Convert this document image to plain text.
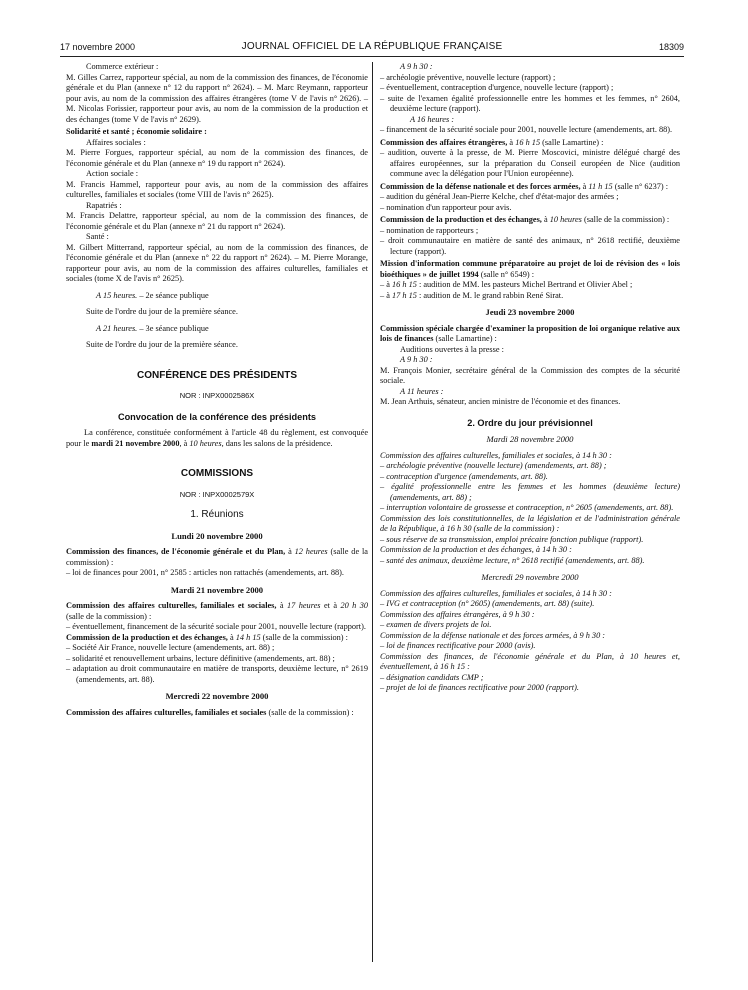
17 novembre 2000	JOURNAL OFFICIEL DE LA RÉPUBLIQUE FRANÇAISE	18309

Commerce extérieur :

M. Gilles Carrez, rapporteur spécial, au nom de la commission des finances, de l'économie générale et du Plan (annexe n° 12 du rapport n° 2624). – M. Marc Reymann, rapporteur pour avis, au nom de la commission des affaires étrangères (tome V de l'avis n° 2626). – M. Nicolas Forissier, rapporteur pour avis, au nom de la commission de la production et des échanges (tome V de l'avis n° 2629).

Solidarité et santé ; économie solidaire :

Affaires sociales :

M. Pierre Forgues, rapporteur spécial, au nom de la commission des finances, de l'économie générale et du Plan (annexe n° 19 du rapport n° 2624).

Action sociale :

M. Francis Hammel, rapporteur pour avis, au nom de la commission des affaires culturelles, familiales et sociales (tome VIII de l'avis n° 2625).

Rapatriés :

M. Francis Delattre, rapporteur spécial, au nom de la commission des finances, de l'économie générale et du Plan (annexe n° 21 du rapport n° 2624).

Santé :

M. Gilbert Mitterrand, rapporteur spécial, au nom de la commission des finances, de l'économie générale et du Plan (annexe n° 22 du rapport n° 2624). – M. Pierre Morange, rapporteur pour avis, au nom de la commission des affaires culturelles, familiales et sociales (tome X de l'avis n° 2625).

A 15 heures. – 2e séance publique

Suite de l'ordre du jour de la première séance.

A 21 heures. – 3e séance publique

Suite de l'ordre du jour de la première séance.

CONFÉRENCE DES PRÉSIDENTS

NOR : INPX0002586X

Convocation de la conférence des présidents

La conférence, constituée conformément à l'article 48 du règlement, est convoquée pour le mardi 21 novembre 2000, à 10 heures, dans les salons de la présidence.

COMMISSIONS

NOR : INPX0002579X

1. Réunions

Lundi 20 novembre 2000

Commission des finances, de l'économie générale et du Plan, à 12 heures (salle de la commission) :

– loi de finances pour 2001, n° 2585 : articles non rattachés (amendements, art. 88).

Mardi 21 novembre 2000

Commission des affaires culturelles, familiales et sociales, à 17 heures et à 20 h 30 (salle de la commission) :

– éventuellement, financement de la sécurité sociale pour 2001, nouvelle lecture (rapport).

Commission de la production et des échanges, à 14 h 15 (salle de la commission) :

– Société Air France, nouvelle lecture (amendements, art. 88) ;

– solidarité et renouvellement urbains, lecture définitive (amendements, art. 88) ;

– adaptation au droit communautaire en matière de transports, deuxième lecture, n° 2619 (amendements, art. 88).

Mercredi 22 novembre 2000

Commission des affaires culturelles, familiales et sociales (salle de la commission) :

A 9 h 30 :

– archéologie préventive, nouvelle lecture (rapport) ;

– éventuellement, contraception d'urgence, nouvelle lecture (rapport) ;

– suite de l'examen égalité professionnelle entre les hommes et les femmes, n° 2604, deuxième lecture (rapport).

A 16 heures :

– financement de la sécurité sociale pour 2001, nouvelle lecture (amendements, art. 88).

Commission des affaires étrangères, à 16 h 15 (salle Lamartine) :

– audition, ouverte à la presse, de M. Pierre Moscovici, ministre délégué chargé des affaires européennes, sur la préparation du Conseil européen de Nice (audition commune avec la délégation pour l'Union européenne).

Commission de la défense nationale et des forces armées, à 11 h 15 (salle n° 6237) :

– audition du général Jean-Pierre Kelche, chef d'état-major des armées ;

– nomination d'un rapporteur pour avis.

Commission de la production et des échanges, à 10 heures (salle de la commission) :

– nomination de rapporteurs ;

– droit communautaire en matière de santé des animaux, n° 2618 rectifié, deuxième lecture (rapport).

Mission d'information commune préparatoire au projet de loi de révision des « lois bioéthiques » de juillet 1994 (salle n° 6549) :

– à 16 h 15 : audition de MM. les pasteurs Michel Bertrand et Olivier Abel ;

– à 17 h 15 : audition de M. le grand rabbin René Sirat.

Jeudi 23 novembre 2000

Commission spéciale chargée d'examiner la proposition de loi organique relative aux lois de finances (salle Lamartine) :

Auditions ouvertes à la presse :

A 9 h 30 :

M. François Monier, secrétaire général de la Commission des comptes de la sécurité sociale.

A 11 heures :

M. Jean Arthuis, sénateur, ancien ministre de l'économie et des finances.

2. Ordre du jour prévisionnel

Mardi 28 novembre 2000

Commission des affaires culturelles, familiales et sociales, à 14 h 30 :

– archéologie préventive (nouvelle lecture) (amendements, art. 88) ;

– contraception d'urgence (amendements, art. 88).

– égalité professionnelle entre les femmes et les hommes (deuxième lecture) (amendements, art. 88) ;

– interruption volontaire de grossesse et contraception, n° 2605 (amendements, art. 88).

Commission des lois constitutionnelles, de la législation et de l'administration générale de la République, à 16 h 30 (salle de la commission) :

– sous réserve de sa transmission, emploi précaire fonction publique (rapport).

Commission de la production et des échanges, à 14 h 30 :

– santé des animaux, deuxième lecture, n° 2618 rectifié (amendements, art. 88).

Mercredi 29 novembre 2000

Commission des affaires culturelles, familiales et sociales, à 14 h 30 :

– IVG et contraception (n° 2605) (amendements, art. 88) (suite).

Commission des affaires étrangères, à 9 h 30 :

– examen de divers projets de loi.

Commission de la défense nationale et des forces armées, à 9 h 30 :

– loi de finances rectificative pour 2000 (avis).

Commission des finances, de l'économie générale et du Plan, à 10 heures et, éventuellement, à 16 h 15 :

– désignation candidats CMP ;

– projet de loi de finances rectificative pour 2000 (rapport).
